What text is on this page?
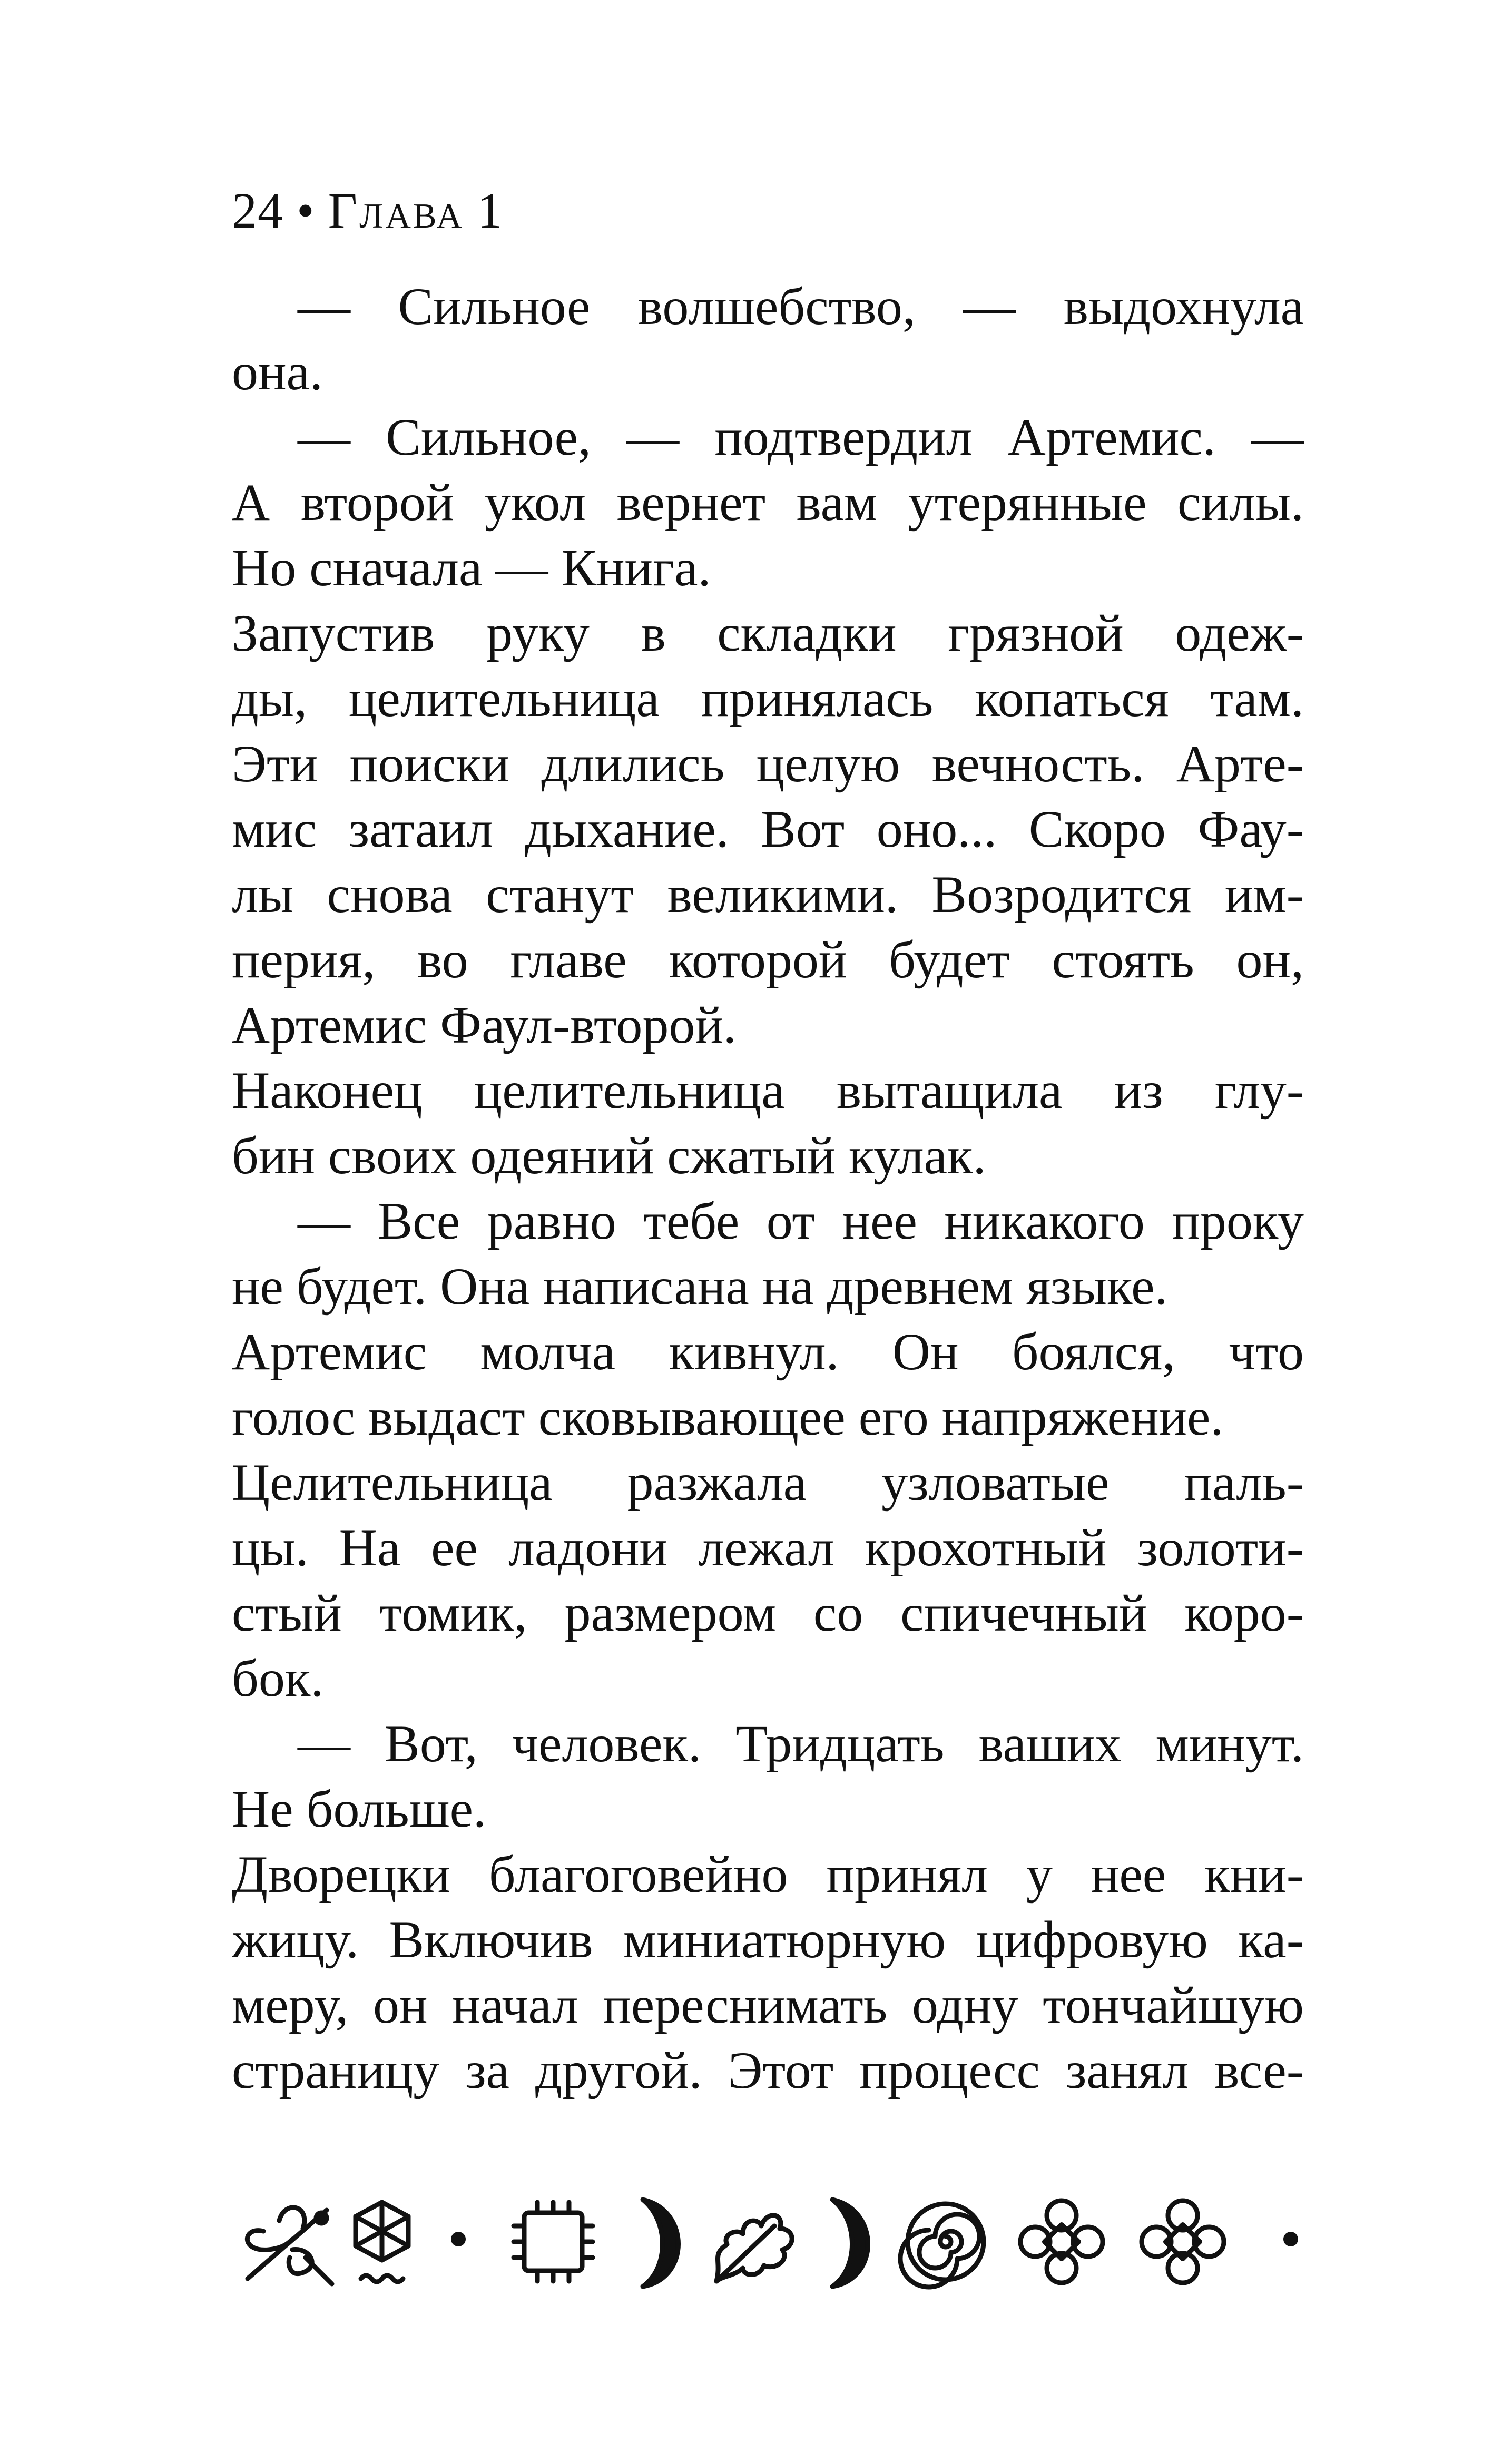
24 • Глава 1
— Сильное волшебство, — выдохнула
она.
— Сильное, — подтвердил Артемис. —
А второй укол вернет вам утерянные силы.
Но сначала — Книга.
Запустив руку в складки грязной одеж-
ды, целительница принялась копаться там.
Эти поиски длились целую вечность. Арте-
мис затаил дыхание. Вот оно... Скоро Фау-
лы снова станут великими. Возродится им-
перия, во главе которой будет стоять он,
Артемис Фаул-второй.
Наконец целительница вытащила из глу-
бин своих одеяний сжатый кулак.
— Все равно тебе от нее никакого проку
не будет. Она написана на древнем языке.
Артемис молча кивнул. Он боялся, что
голос выдаст сковывающее его напряжение.
Целительница разжала узловатые паль-
цы. На ее ладони лежал крохотный золоти-
стый томик, размером со спичечный коро-
бок.
— Вот, человек. Тридцать ваших минут.
Не больше.
Дворецки благоговейно принял у нее кни-
жицу. Включив миниатюрную цифровую ка-
меру, он начал переснимать одну тончайшую
страницу за другой. Этот процесс занял все-
